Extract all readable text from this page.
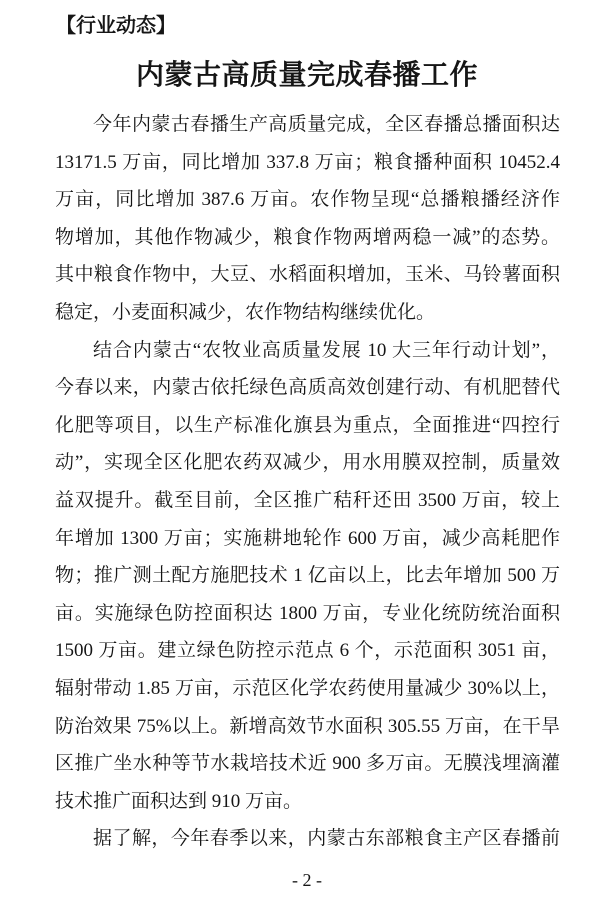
【行业动态】
内蒙古高质量完成春播工作
今年内蒙古春播生产高质量完成，全区春播总播面积达
13171.5 万亩，同比增加 337.8 万亩；粮食播种面积 10452.4
万亩，同比增加 387.6 万亩。农作物呈现“总播粮播经济作
物增加，其他作物减少，粮食作物两增两稳一减”的态势。
其中粮食作物中，大豆、水稻面积增加，玉米、马铃薯面积
稳定，小麦面积减少，农作物结构继续优化。
结合内蒙古“农牧业高质量发展 10 大三年行动计划”，
今春以来，内蒙古依托绿色高质高效创建行动、有机肥替代
化肥等项目，以生产标准化旗县为重点，全面推进“四控行
动”，实现全区化肥农药双减少，用水用膜双控制，质量效
益双提升。截至目前，全区推广秸秆还田 3500 万亩，较上
年增加 1300 万亩；实施耕地轮作 600 万亩，减少高耗肥作
物；推广测土配方施肥技术 1 亿亩以上，比去年增加 500 万
亩。实施绿色防控面积达 1800 万亩，专业化统防统治面积
1500 万亩。建立绿色防控示范点 6 个，示范面积 3051 亩，
辐射带动 1.85 万亩，示范区化学农药使用量减少 30%以上，
防治效果 75%以上。新增高效节水面积 305.55 万亩，在干旱
区推广坐水种等节水栽培技术近 900 多万亩。无膜浅埋滴灌
技术推广面积达到 910 万亩。
据了解，今年春季以来，内蒙古东部粮食主产区春播前
- 2 -
